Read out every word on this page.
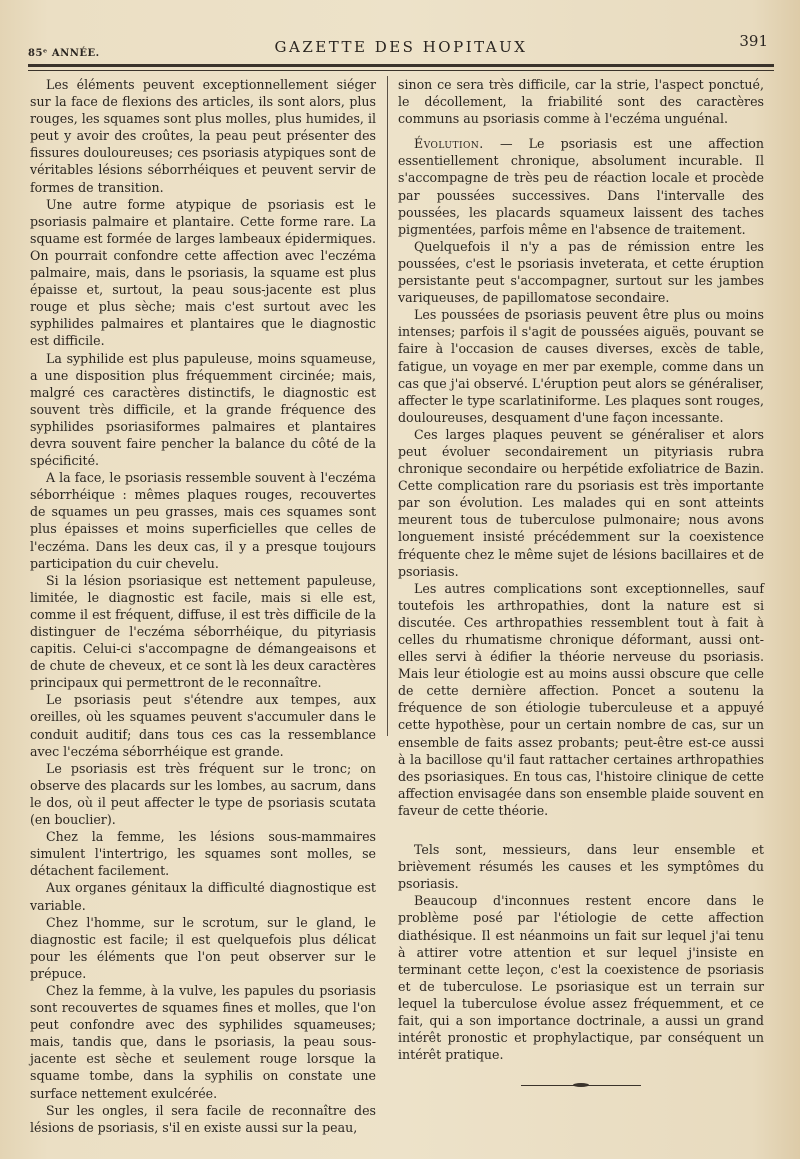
85ᵉ ANNÉE.	GAZETTE DES HOPITAUX	391

Les éléments peuvent exceptionnellement siéger sur la face de flexions des articles, ils sont alors, plus rouges, les squames sont plus molles, plus humides, il peut y avoir des croûtes, la peau peut présenter des fissures douloureuses; ces psoriasis atypiques sont de véritables lésions séborrhéiques et peuvent servir de formes de transition.

Une autre forme atypique de psoriasis est le psoriasis palmaire et plantaire. Cette forme rare. La squame est formée de larges lambeaux épidermiques. On pourrait confondre cette affection avec l'eczéma palmaire, mais, dans le psoriasis, la squame est plus épaisse et, surtout, la peau sous-jacente est plus rouge et plus sèche; mais c'est surtout avec les syphilides palmaires et plantaires que le diagnostic est difficile.

La syphilide est plus papuleuse, moins squameuse, a une disposition plus fréquemment circinée; mais, malgré ces caractères distinctifs, le diagnostic est souvent très difficile, et la grande fréquence des syphilides psoriasiformes palmaires et plantaires devra souvent faire pencher la balance du côté de la spécificité.

A la face, le psoriasis ressemble souvent à l'eczéma séborrhéique : mêmes plaques rouges, recouvertes de squames un peu grasses, mais ces squames sont plus épaisses et moins superficielles que celles de l'eczéma. Dans les deux cas, il y a presque toujours participation du cuir chevelu.

Si la lésion psoriasique est nettement papuleuse, limitée, le diagnostic est facile, mais si elle est, comme il est fréquent, diffuse, il est très difficile de la distinguer de l'eczéma séborrhéique, du pityriasis capitis. Celui-ci s'accompagne de démangeaisons et de chute de cheveux, et ce sont là les deux caractères principaux qui permettront de le reconnaître.

Le psoriasis peut s'étendre aux tempes, aux oreilles, où les squames peuvent s'accumuler dans le conduit auditif; dans tous ces cas la ressemblance avec l'eczéma séborrhéique est grande.

Le psoriasis est très fréquent sur le tronc; on observe des placards sur les lombes, au sacrum, dans le dos, où il peut affecter le type de psoriasis scutata (en bouclier).

Chez la femme, les lésions sous-mammaires simulent l'intertrigo, les squames sont molles, se détachent facilement.

Aux organes génitaux la difficulté diagnostique est variable.

Chez l'homme, sur le scrotum, sur le gland, le diagnostic est facile; il est quelquefois plus délicat pour les éléments que l'on peut observer sur le prépuce.

Chez la femme, à la vulve, les papules du psoriasis sont recouvertes de squames fines et molles, que l'on peut confondre avec des syphilides squameuses; mais, tandis que, dans le psoriasis, la peau sous-jacente est sèche et seulement rouge lorsque la squame tombe, dans la syphilis on constate une surface nettement exulcérée.

Sur les ongles, il sera facile de reconnaître des lésions de psoriasis, s'il en existe aussi sur la peau,

sinon ce sera très difficile, car la strie, l'aspect ponctué, le décollement, la friabilité sont des caractères communs au psoriasis comme à l'eczéma unguénal.

Évolution. — Le psoriasis est une affection essentiellement chronique, absolument incurable. Il s'accompagne de très peu de réaction locale et procède par poussées successives. Dans l'intervalle des poussées, les placards squameux laissent des taches pigmentées, parfois même en l'absence de traitement.

Quelquefois il n'y a pas de rémission entre les poussées, c'est le psoriasis inveterata, et cette éruption persistante peut s'accompagner, surtout sur les jambes variqueuses, de papillomatose secondaire.

Les poussées de psoriasis peuvent être plus ou moins intenses; parfois il s'agit de poussées aiguës, pouvant se faire à l'occasion de causes diverses, excès de table, fatigue, un voyage en mer par exemple, comme dans un cas que j'ai observé. L'éruption peut alors se généraliser, affecter le type scarlatiniforme. Les plaques sont rouges, douloureuses, desquament d'une façon incessante.

Ces larges plaques peuvent se généraliser et alors peut évoluer secondairement un pityriasis rubra chronique secondaire ou herpétide exfoliatrice de Bazin. Cette complication rare du psoriasis est très importante par son évolution. Les malades qui en sont atteints meurent tous de tuberculose pulmonaire; nous avons longuement insisté précédemment sur la coexistence fréquente chez le même sujet de lésions bacillaires et de psoriasis.

Les autres complications sont exceptionnelles, sauf toutefois les arthropathies, dont la nature est si discutée. Ces arthropathies ressemblent tout à fait à celles du rhumatisme chronique déformant, aussi ont-elles servi à édifier la théorie nerveuse du psoriasis. Mais leur étiologie est au moins aussi obscure que celle de cette dernière affection. Poncet a soutenu la fréquence de son étiologie tuberculeuse et a appuyé cette hypothèse, pour un certain nombre de cas, sur un ensemble de faits assez probants; peut-être est-ce aussi à la bacillose qu'il faut rattacher certaines arthropathies des psoriasiques. En tous cas, l'histoire clinique de cette affection envisagée dans son ensemble plaide souvent en faveur de cette théorie.

Tels sont, messieurs, dans leur ensemble et brièvement résumés les causes et les symptômes du psoriasis.

Beaucoup d'inconnues restent encore dans le problème posé par l'étiologie de cette affection diathésique. Il est néanmoins un fait sur lequel j'ai tenu à attirer votre attention et sur lequel j'insiste en terminant cette leçon, c'est la coexistence de psoriasis et de tuberculose. Le psoriasique est un terrain sur lequel la tuberculose évolue assez fréquemment, et ce fait, qui a son importance doctrinale, a aussi un grand intérêt pronostic et prophylactique, par conséquent un intérêt pratique.
